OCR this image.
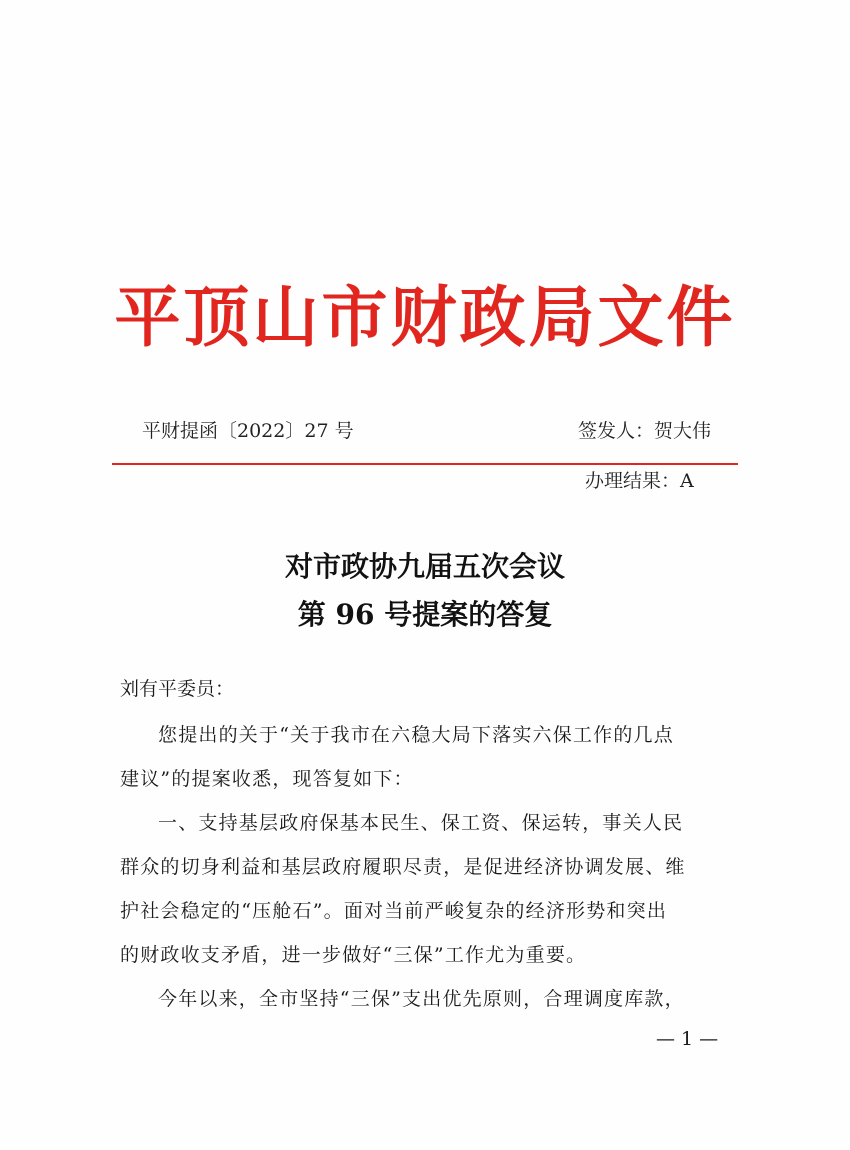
平顶山市财政局文件
平财提函〔2022〕27 号	签发人：贺大伟
办理结果：A
对市政协九届五次会议
第 96 号提案的答复
刘有平委员：
您提出的关于“关于我市在六稳大局下落实六保工作的几点
建议”的提案收悉，现答复如下：
一、支持基层政府保基本民生、保工资、保运转，事关人民
群众的切身利益和基层政府履职尽责，是促进经济协调发展、维
护社会稳定的“压舱石”。面对当前严峻复杂的经济形势和突出
的财政收支矛盾，进一步做好“三保”工作尤为重要。
今年以来，全市坚持“三保”支出优先原则，合理调度库款，
— 1 —
